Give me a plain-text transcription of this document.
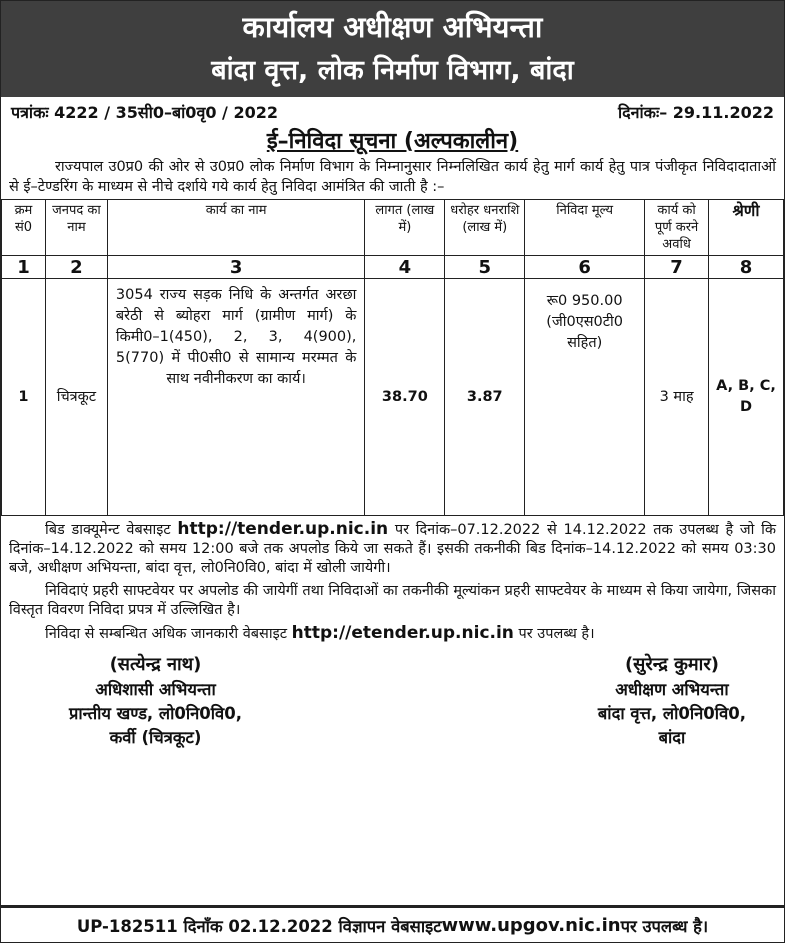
कार्यालय अधीक्षण अभियन्ता
बांदा वृत्त, लोक निर्माण विभाग, बांदा
पत्रांकः 4222 / 35सी0–बां0वृ0 / 2022	दिनांकः– 29.11.2022
ई–निविदा सूचना (अल्पकालीन)
राज्यपाल उ0प्र0 की ओर से उ0प्र0 लोक निर्माण विभाग के निम्नानुसार निम्नलिखित कार्य हेतु मार्ग कार्य हेतु पात्र पंजीकृत निविदादाताओं से ई–टेण्डरिंग के माध्यम से नीचे दर्शाये गये कार्य हेतु निविदा आमंत्रित की जाती है :–
क्रम सं0	जनपद का नाम	कार्य का नाम	लागत (लाख में)	धरोहर धनराशि (लाख में)	निविदा मूल्य	कार्य को पूर्ण करने अवधि	श्रेणी
1	2	3	4	5	6	7	8
1	चित्रकूट	3054 राज्य सड़क निधि के अन्तर्गत अरछा बरेठी से ब्योहरा मार्ग (ग्रामीण मार्ग) के किमी0–1(450), 2, 3, 4(900), 5(770) में पी0सी0 से सामान्य मरम्मत के साथ नवीनीकरण का कार्य।	38.70	3.87	रू0 950.00 (जी0एस0टी0 सहित)	3 माह	A, B, C, D
बिड डाक्यूमेन्ट वेबसाइट http://tender.up.nic.in पर दिनांक–07.12.2022 से 14.12.2022 तक उपलब्ध है जो कि दिनांक–14.12.2022 को समय 12:00 बजे तक अपलोड किये जा सकते हैं। इसकी तकनीकी बिड दिनांक–14.12.2022 को समय 03:30 बजे, अधीक्षण अभियन्ता, बांदा वृत्त, लो0नि0वि0, बांदा में खोली जायेगी।
निविदाएं प्रहरी साफ्टवेयर पर अपलोड की जायेगीं तथा निविदाओं का तकनीकी मूल्यांकन प्रहरी साफ्टवेयर के माध्यम से किया जायेगा, जिसका विस्तृत विवरण निविदा प्रपत्र में उल्लिखित है।
निविदा से सम्बन्धित अधिक जानकारी वेबसाइट http://etender.up.nic.in पर उपलब्ध है।
(सत्येन्द्र नाथ)
अधिशासी अभियन्ता
प्रान्तीय खण्ड, लो0नि0वि0,
कर्वी (चित्रकूट)
(सुरेन्द्र कुमार)
अधीक्षण अभियन्ता
बांदा वृत्त, लो0नि0वि0,
बांदा
UP-182511 दिनाँक 02.12.2022 विज्ञापन वेबसाइट www.upgov.nic.in पर उपलब्ध है।
